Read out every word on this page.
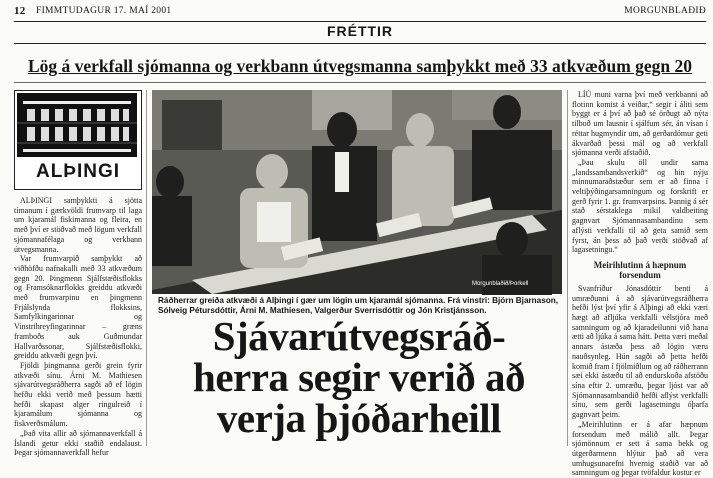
12 FIMMTUDAGUR 17. MAÍ 2001	MORGUNBLAÐIÐ
FRÉTTIR
Lög á verkfall sjómanna og verkbann útvegsmanna samþykkt með 33 atkvæðum gegn 20
ALÞINGI

ALÞINGI samþykkti á sjötta tímanum í gærkvöldi frumvarp til laga um kjaramál fiskimanna og fleira, en með því er stöðvað með lögum verkfall sjómannafélaga og verkbann útvegsmanna.

Var frumvarpið samþykkt að viðhöfðu nafnakalli með 33 atkvæðum gegn 20. Þingmenn Sjálfstæðisflokks og Framsóknarflokks greiddu atkvæði með frumvarpinu en þingmenn Frjálslynda flokksins, Samfylkingarinnar og Vinstrihreyfingarinnar – græns framboðs auk Guðmundar Hallvarðssonar, Sjálfstæðisflokki, greiddu atkvæði gegn því.

Fjöldi þingmanna gerði grein fyrir atkvæði sínu. Árni M. Mathiesen sjávarútvegsráðherra sagði að ef lögin hefðu ekki verið með þessum hætti hefði skapast alger ringulreið í kjaramálum sjómanna og fiskverðsmálum.

„Það vita allir að sjómannaverkfall á Íslandi getur ekki staðið endalaust. Þegar sjómannaverkfall hefur

Morgunblaðið/Þorkell
Ráðherrar greiða atkvæði á Alþingi í gær um lögin um kjaramál sjómanna. Frá vinstri: Björn Bjarnason, Sólveig Pétursdóttir, Árni M. Mathiesen, Valgerður Sverrisdóttir og Jón Kristjánsson.
Sjávarútvegsráð-
herra segir verið að
verja þjóðarheill

LÍÚ muni varna því með verkbanni að flotinn komist á veiðar,“ segir í áliti sem byggt er á því að það sé örðugt að nýta tilboð um lausnir í sjálfum sér, án vísan í réttar hugmyndir um, að gerðardómur geti ákvarðað þessi mál og að verkfall sjómanna verði afstaðið.

„Þau skulu öll undir sama „landssambandsverkið“ og hin nýju minnumaraðstæður sem er að finna í veltiþýðingarsamningum og forskrift er gerð fyrir 1. gr. frumvarpsins. Þannig á sér stað sérstaklega mikil valdbeiting gagnvart Sjómannasambandinu sem aflýsti verkfalli til að geta samið sem fyrst, án þess að það verði stöðvað af lagasetningu.“

Meirihlutinn á hæpnum forsendum

Svanfríður Jónasdóttir benti á umræðunni á að sjávarútvegsráðherra hefði lýst því yfir á Alþingi að ekki væri hægt að afljúka verkfalli vélstjóra með samningum og að kjaradeilunni við hana ætti að ljúka á sama hátt. Þetta væri meðal annars ástæða þess að lögin væru nauðsynleg. Hún sagði að þetta hefði komið fram í fjölmiðlum og að ráðherrann sæi ekki ástæðu til að endurskoða afstöðu sína eftir 2. umræðu, þegar ljóst var að Sjómannasambandið hefði aflýst verkfalli sínu, sem gerði lagasetningu óþarfa gagnvart þeim.

„Meirihlutinn er á afar hæpnum forsendum með málið allt. Þegar sjómönnum er sett á sama bekk og útgerðarmenn hlýtur það að vera umhugsunarefni hvernig staðið var að samningum og þegar tvöfaldur kostur er
